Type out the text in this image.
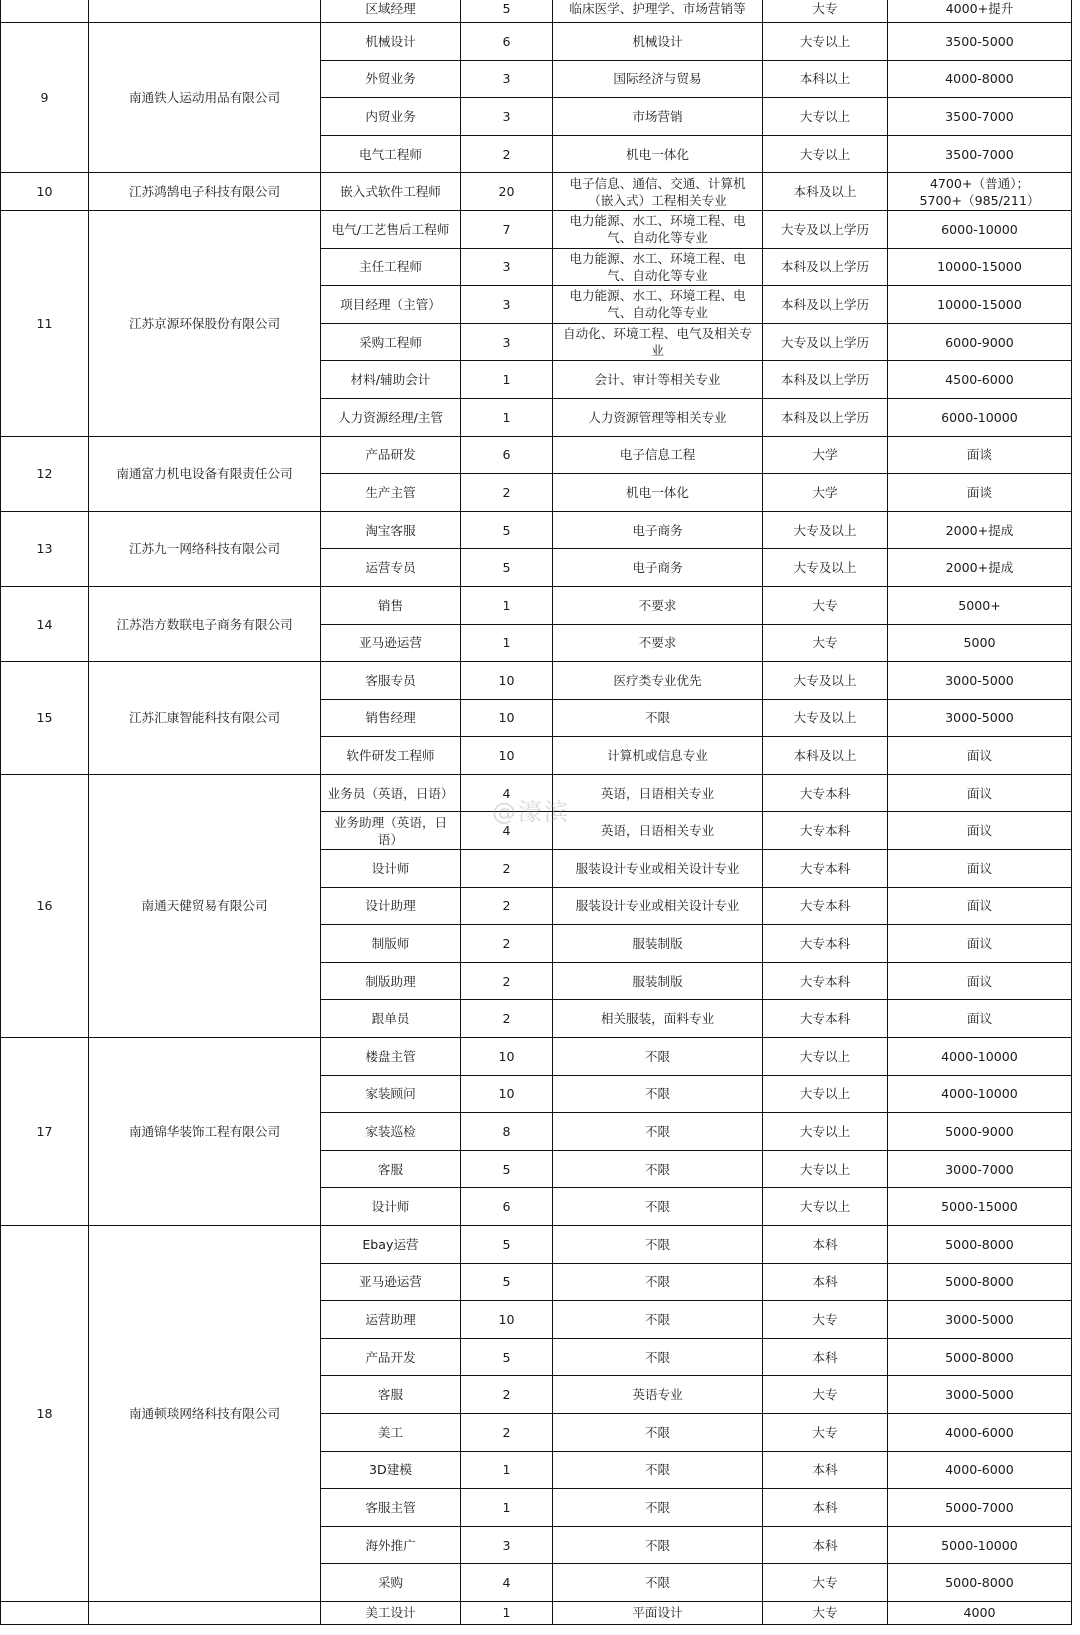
		区域经理	5	临床医学、护理学、市场营销等	大专	4000+提升
9	南通铁人运动用品有限公司	机械设计	6	机械设计	大专以上	3500-5000
		外贸业务	3	国际经济与贸易	本科以上	4000-8000
		内贸业务	3	市场营销	大专以上	3500-7000
		电气工程师	2	机电一体化	大专以上	3500-7000
10	江苏鸿鹄电子科技有限公司	嵌入式软件工程师	20	电子信息、通信、交通、计算机（嵌入式）工程相关专业	本科及以上	4700+（普通）；5700+（985/211）
11	江苏京源环保股份有限公司	电气/工艺售后工程师	7	电力能源、水工、环境工程、电气、自动化等专业	大专及以上学历	6000-10000
		主任工程师	3	电力能源、水工、环境工程、电气、自动化等专业	本科及以上学历	10000-15000
		项目经理（主管）	3	电力能源、水工、环境工程、电气、自动化等专业	本科及以上学历	10000-15000
		采购工程师	3	自动化、环境工程、电气及相关专业	大专及以上学历	6000-9000
		材料/辅助会计	1	会计、审计等相关专业	本科及以上学历	4500-6000
		人力资源经理/主管	1	人力资源管理等相关专业	本科及以上学历	6000-10000
12	南通富力机电设备有限责任公司	产品研发	6	电子信息工程	大学	面谈
		生产主管	2	机电一体化	大学	面谈
13	江苏九一网络科技有限公司	淘宝客服	5	电子商务	大专及以上	2000+提成
		运营专员	5	电子商务	大专及以上	2000+提成
14	江苏浩方数联电子商务有限公司	销售	1	不要求	大专	5000+
		亚马逊运营	1	不要求	大专	5000
15	江苏汇康智能科技有限公司	客服专员	10	医疗类专业优先	大专及以上	3000-5000
		销售经理	10	不限	大专及以上	3000-5000
		软件研发工程师	10	计算机或信息专业	本科及以上	面议
16	南通天健贸易有限公司	业务员（英语，日语）	4	英语，日语相关专业	大专本科	面议
		业务助理（英语，日语）	4	英语，日语相关专业	大专本科	面议
		设计师	2	服装设计专业或相关设计专业	大专本科	面议
		设计助理	2	服装设计专业或相关设计专业	大专本科	面议
		制版师	2	服装制版	大专本科	面议
		制版助理	2	服装制版	大专本科	面议
		跟单员	2	相关服装，面料专业	大专本科	面议
17	南通锦华装饰工程有限公司	楼盘主管	10	不限	大专以上	4000-10000
		家装顾问	10	不限	大专以上	4000-10000
		家装巡检	8	不限	大专以上	5000-9000
		客服	5	不限	大专以上	3000-7000
		设计师	6	不限	大专以上	5000-15000
18	南通顿琰网络科技有限公司	Ebay运营	5	不限	本科	5000-8000
		亚马逊运营	5	不限	本科	5000-8000
		运营助理	10	不限	大专	3000-5000
		产品开发	5	不限	本科	5000-8000
		客服	2	英语专业	大专	3000-5000
		美工	2	不限	大专	4000-6000
		3D建模	1	不限	本科	4000-6000
		客服主管	1	不限	本科	5000-7000
		海外推广	3	不限	本科	5000-10000
		采购	4	不限	大专	5000-8000
		美工设计	1	平面设计	大专	4000
@濠滨
